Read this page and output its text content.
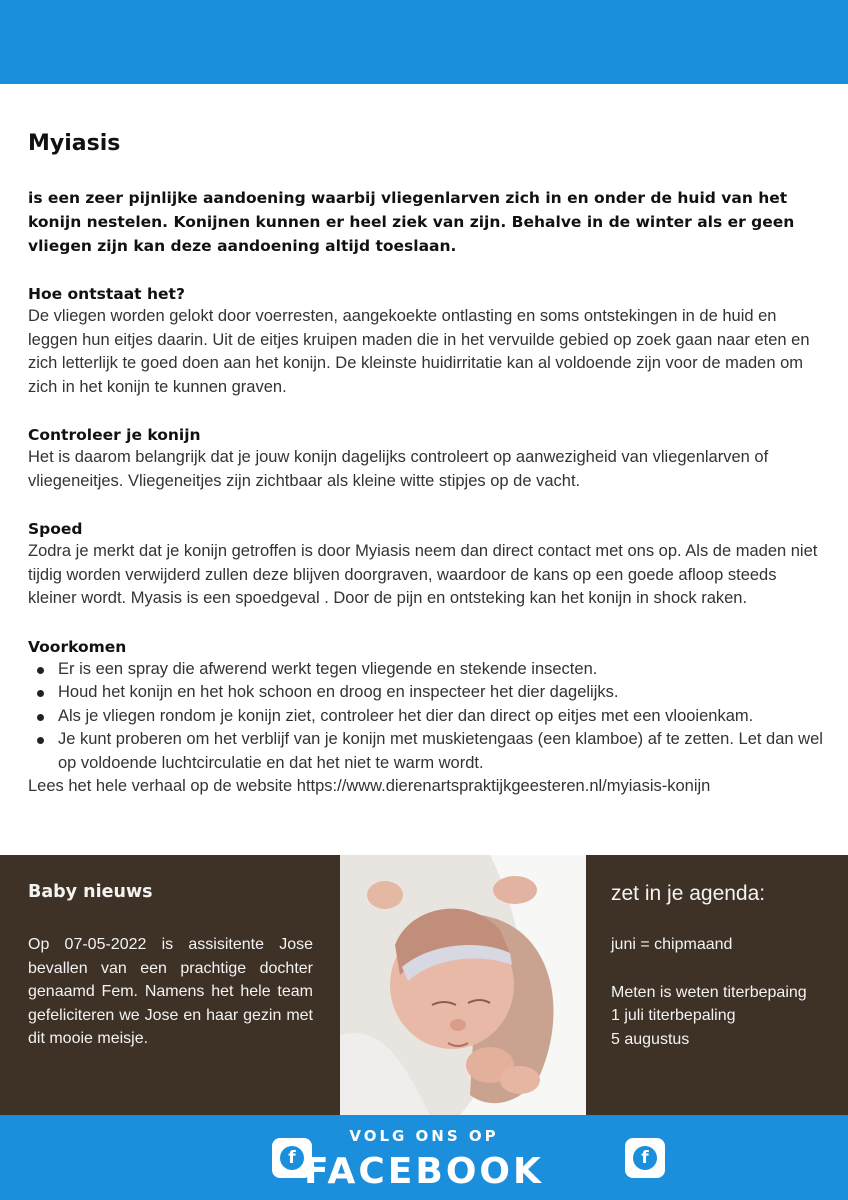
Myiasis

is een zeer pijnlijke aandoening waarbij vliegenlarven zich in en onder de huid van het konijn nestelen. Konijnen kunnen er heel ziek van zijn. Behalve in de winter als er geen vliegen zijn kan deze aandoening altijd toeslaan.

Hoe ontstaat het?

De vliegen worden gelokt door voerresten, aangekoekte ontlasting en soms ontstekingen in de huid en leggen hun eitjes daarin. Uit de eitjes kruipen maden die in het vervuilde gebied op zoek gaan naar eten en zich letterlijk te goed doen aan het konijn. De kleinste huidirritatie kan al voldoende zijn voor de maden om zich in het konijn te kunnen graven.

Controleer je konijn

Het is daarom belangrijk dat je jouw konijn dagelijks controleert op aanwezigheid van vliegenlarven of vliegeneitjes. Vliegeneitjes zijn zichtbaar als kleine witte stipjes op de vacht.

Spoed

Zodra je merkt dat je konijn getroffen is door Myiasis neem dan direct contact met ons op. Als de maden niet tijdig worden verwijderd zullen deze blijven doorgraven, waardoor de kans op een goede afloop steeds kleiner wordt. Myasis is een spoedgeval . Door de pijn en ontsteking kan het konijn in shock raken.

Voorkomen
Er is een spray die afwerend werkt tegen vliegende en stekende insecten.
Houd het konijn en het hok schoon en droog en inspecteer het dier dagelijks.
Als je vliegen rondom je konijn ziet, controleer het dier dan direct op eitjes met een vlooienkam.
Je kunt proberen om het verblijf van je konijn met muskietengaas (een klamboe) af te zetten. Let dan wel op voldoende luchtcirculatie en dat het niet te warm wordt.

Lees het hele verhaal op de website https://www.dierenartspraktijkgeesteren.nl/myiasis-konijn

Baby nieuws

Op 07-05-2022 is assisitente Jose bevallen van een prachtige dochter genaamd Fem. Namens het hele team gefeliciteren we Jose en haar gezin met dit mooie meisje.

zet in je agenda:
juni = chipmaand
Meten is weten titerbepaing
1 juli titerbepaling
5 augustus
f	f
VOLG ONS OP
FACEBOOK
